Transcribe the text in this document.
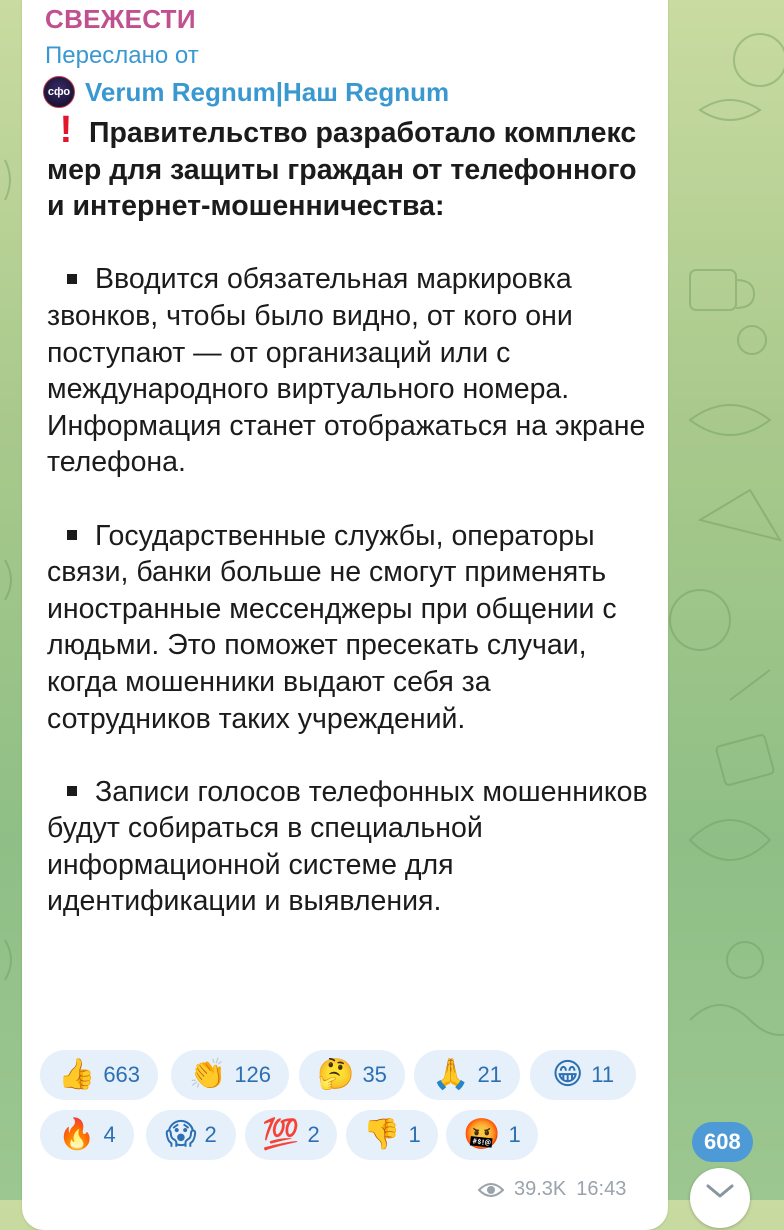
СВЕЖЕСТИ
Переслано от
сфо Verum Regnum|Наш Regnum

! Правительство разработало комплекс мер для защиты граждан от телефонного и интернет-мошенничества:

Вводится обязательная маркировка звонков, чтобы было видно, от кого они поступают — от организаций или с международного виртуального номера. Информация станет отображаться на экране телефона.

Государственные службы, операторы связи, банки больше не смогут применять иностранные мессенджеры при общении с людьми. Это поможет пресекать случаи, когда мошенники выдают себя за сотрудников таких учреждений.

Записи голосов телефонных мошенников будут собираться в специальной информационной системе для идентификации и выявления.

👍 663 👏 126 🤔 35 🙏 21 😁 11
🔥 4 😱 2 💯 2 👎 1 🤬 1
39.3K 16:43
608
